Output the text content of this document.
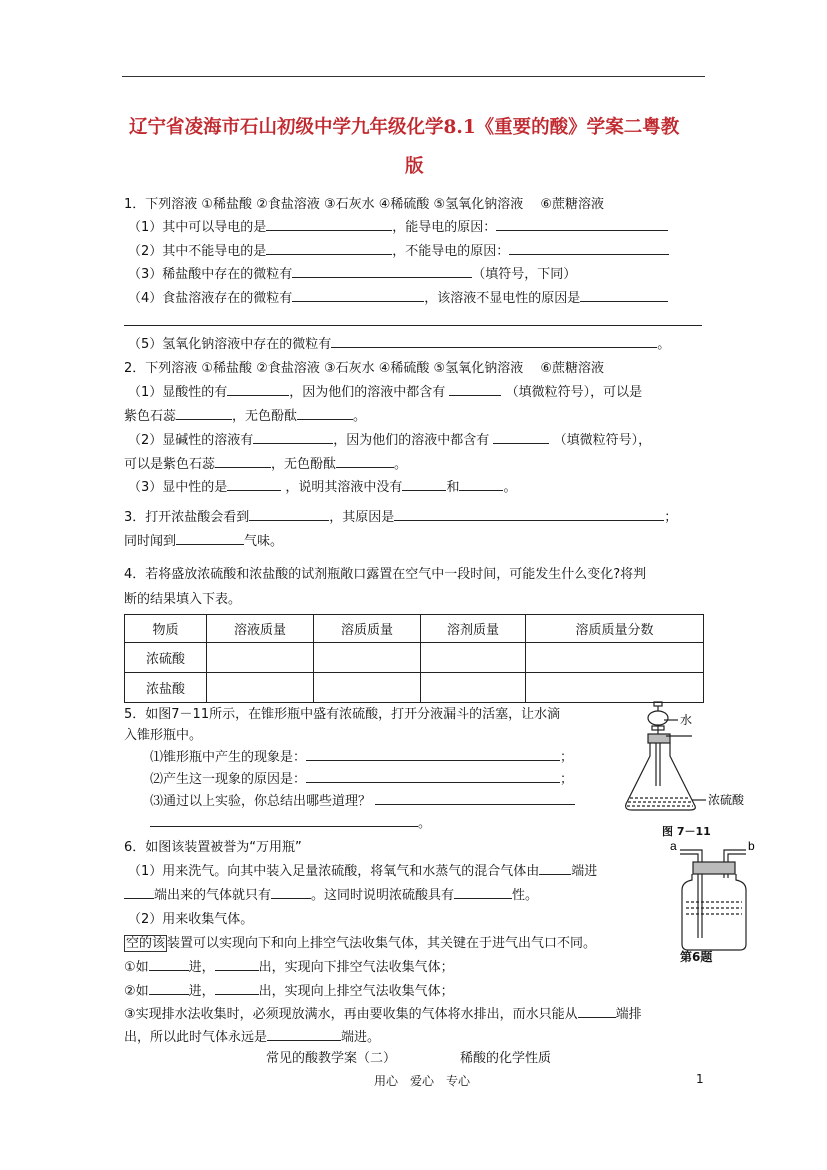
辽宁省凌海市石山初级中学九年级化学8.1《重要的酸》学案二粤教
版
1．下列溶液 ①稀盐酸 ②食盐溶液 ③石灰水 ④稀硫酸 ⑤氢氧化钠溶液 　⑥蔗糖溶液
（1）其中可以导电的是	，能导电的原因：
（2）其中不能导电的是	，不能导电的原因：
（3）稀盐酸中存在的微粒有	（填符号，下同）
（4）食盐溶液存在的微粒有	，该溶液不显电性的原因是
（5）氢氧化钠溶液中存在的微粒有	。
2．下列溶液 ①稀盐酸 ②食盐溶液 ③石灰水 ④稀硫酸 ⑤氢氧化钠溶液 　⑥蔗糖溶液
（1）显酸性的有	，因为他们的溶液中都含有	（填微粒符号），可以是
紫色石蕊	，无色酚酞	。
（2）显碱性的溶液有	，因为他们的溶液中都含有	（填微粒符号），
可以是紫色石蕊	，无色酚酞	。
（3）显中性的是	，说明其溶液中没有	和	。
3．打开浓盐酸会看到	，其原因是	；
同时闻到	气味。
4．若将盛放浓硫酸和浓盐酸的试剂瓶敞口露置在空气中一段时间，可能发生什么变化?将判
断的结果填入下表。
物质	溶液质量	溶质质量	溶剂质量	溶质质量分数
浓硫酸				
浓盐酸				
5．如图7－11所示，在锥形瓶中盛有浓硫酸，打开分液漏斗的活塞，让水滴
入锥形瓶中。
⑴锥形瓶中产生的现象是：	；
⑵产生这一现象的原因是：	；
⑶通过以上实验，你总结出哪些道理？
。
水
浓硫酸
图 7－11
6．如图该装置被誉为“万用瓶”
（1）用来洗气。向其中装入足量浓硫酸，将氧气和水蒸气的混合气体由 端进
端出来的气体就只有	。这同时说明浓硫酸具有	性。
（2）用来收集气体。
空的该 装置可以实现向下和向上排空气法收集气体，其关键在于进气出气口不同。
①如	进，	出，实现向下排空气法收集气体；
②如	进，	出，实现向上排空气法收集气体；
③实现排水法收集时，必须现放满水，再由要收集的气体将水排出，而水只能从	端排
出，所以此时气体永远是	端进。
a	b
第6题
常见的酸教学案（二）	稀酸的化学性质
用心　爱心　专心	1
